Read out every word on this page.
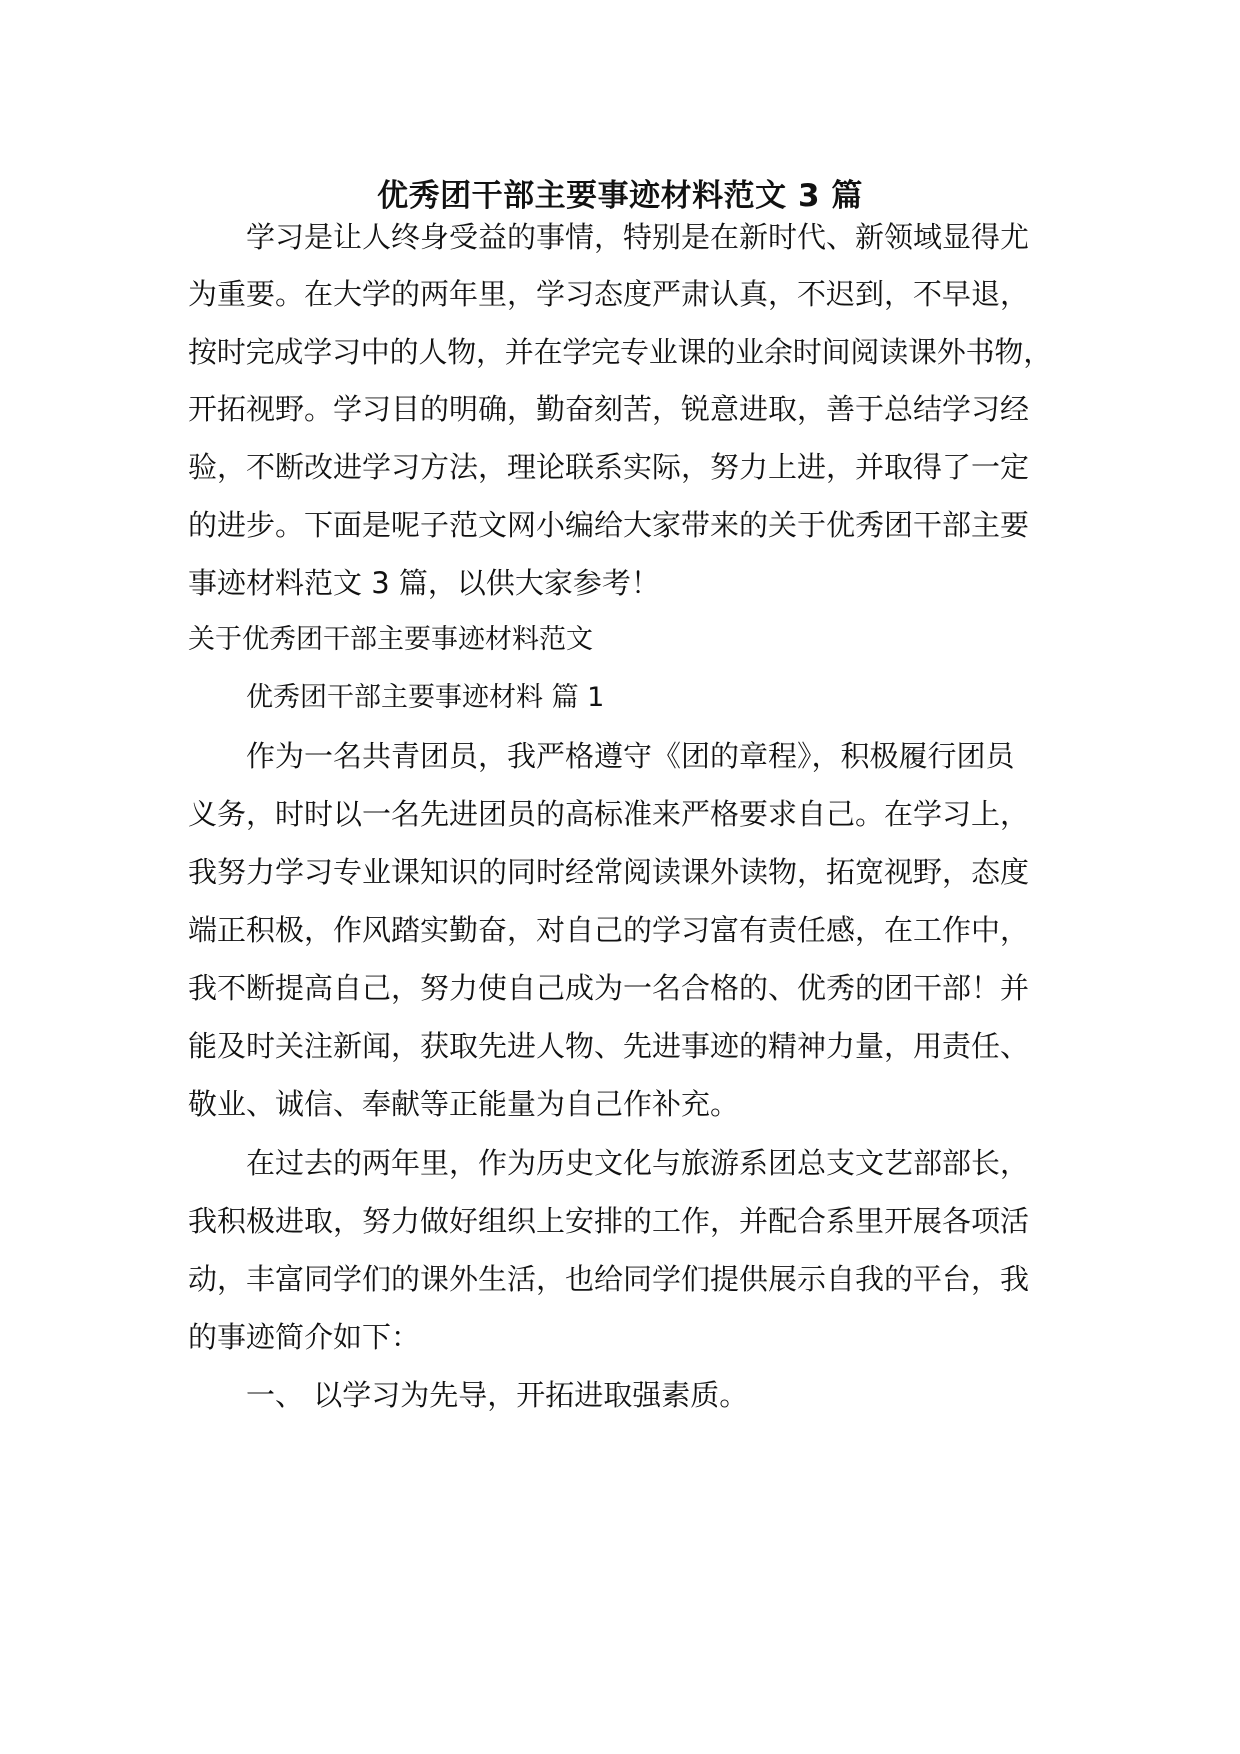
优秀团干部主要事迹材料范文 3 篇
学习是让人终身受益的事情，特别是在新时代、新领域显得尤
为重要。在大学的两年里，学习态度严肃认真，不迟到，不早退，
按时完成学习中的人物，并在学完专业课的业余时间阅读课外书物，
开拓视野。学习目的明确，勤奋刻苦，锐意进取，善于总结学习经
验，不断改进学习方法，理论联系实际，努力上进，并取得了一定
的进步。下面是呢子范文网小编给大家带来的关于优秀团干部主要
事迹材料范文 3 篇，以供大家参考！
关于优秀团干部主要事迹材料范文
优秀团干部主要事迹材料 篇 1
作为一名共青团员，我严格遵守《团的章程》，积极履行团员
义务，时时以一名先进团员的高标准来严格要求自己。在学习上，
我努力学习专业课知识的同时经常阅读课外读物，拓宽视野，态度
端正积极，作风踏实勤奋，对自己的学习富有责任感，在工作中，
我不断提高自己，努力使自己成为一名合格的、优秀的团干部！并
能及时关注新闻，获取先进人物、先进事迹的精神力量，用责任、
敬业、诚信、奉献等正能量为自己作补充。
在过去的两年里，作为历史文化与旅游系团总支文艺部部长，
我积极进取，努力做好组织上安排的工作，并配合系里开展各项活
动，丰富同学们的课外生活，也给同学们提供展示自我的平台，我
的事迹简介如下：
一、 以学习为先导，开拓进取强素质。
